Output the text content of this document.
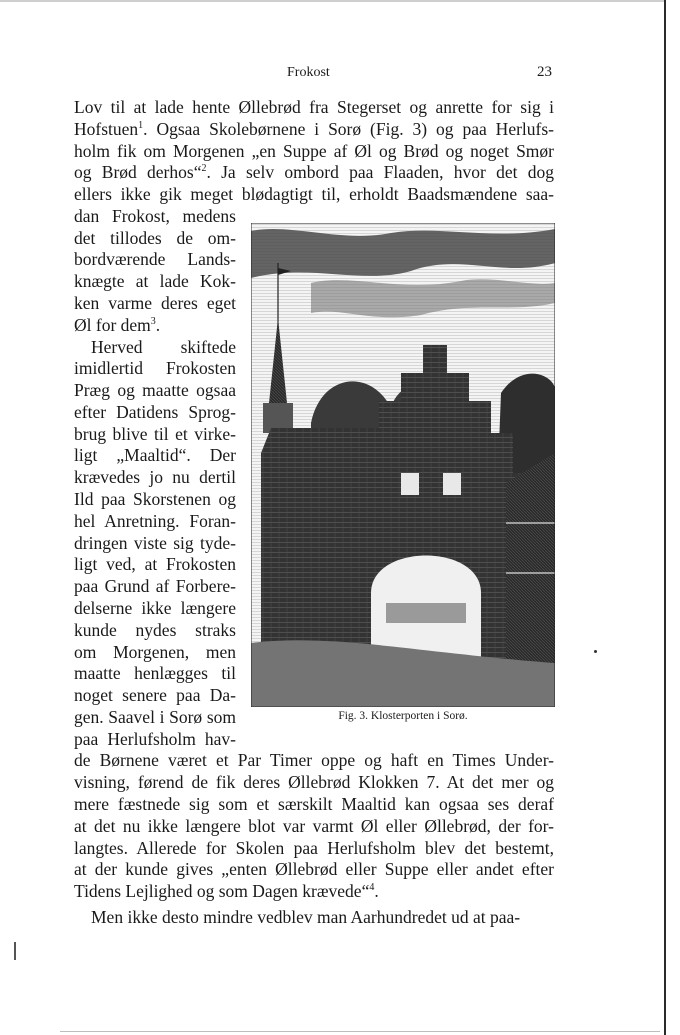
Frokost	23
Lov til at lade hente Øllebrød fra Stegerset og anrette for sig i
Hofstuen$^1$. Ogsaa Skolebørnene i Sorø (Fig. 3) og paa Herlufs-
holm fik om Morgenen „en Suppe af Øl og Brød og noget Smør
og Brød derhos“$^2$. Ja selv ombord paa Flaaden, hvor det dog
ellers ikke gik meget blødagtigt til, erholdt Baadsmændene saa-
dan Frokost, medens
det tillodes de om-
bordværende Lands-
knægte at lade Kok-
ken varme deres eget
Øl for dem$^3$.
Herved skiftede
imidlertid Frokosten
Præg og maatte ogsaa
efter Datidens Sprog-
brug blive til et virke-
ligt „Maaltid“. Der
krævedes jo nu dertil
Ild paa Skorstenen og
hel Anretning. Foran-
dringen viste sig tyde-
ligt ved, at Frokosten
paa Grund af Forbere-
delserne ikke længere
kunde nydes straks
om Morgenen, men
maatte henlægges til
noget senere paa Da-
gen. Saavel i Sorø som
paa Herlufsholm hav-
de Børnene været et Par Timer oppe og haft en Times Under-
visning, førend de fik deres Øllebrød Klokken 7. At det mer og
mere fæstnede sig som et særskilt Maaltid kan ogsaa ses deraf
at det nu ikke længere blot var varmt Øl eller Øllebrød, der for-
langtes. Allerede for Skolen paa Herlufsholm blev det bestemt,
at der kunde gives „enten Øllebrød eller Suppe eller andet efter
Tidens Lejlighed og som Dagen krævede“$^4$.
Men ikke desto mindre vedblev man Aarhundredet ud at paa-
Fig. 3. Klosterporten i Sorø.
